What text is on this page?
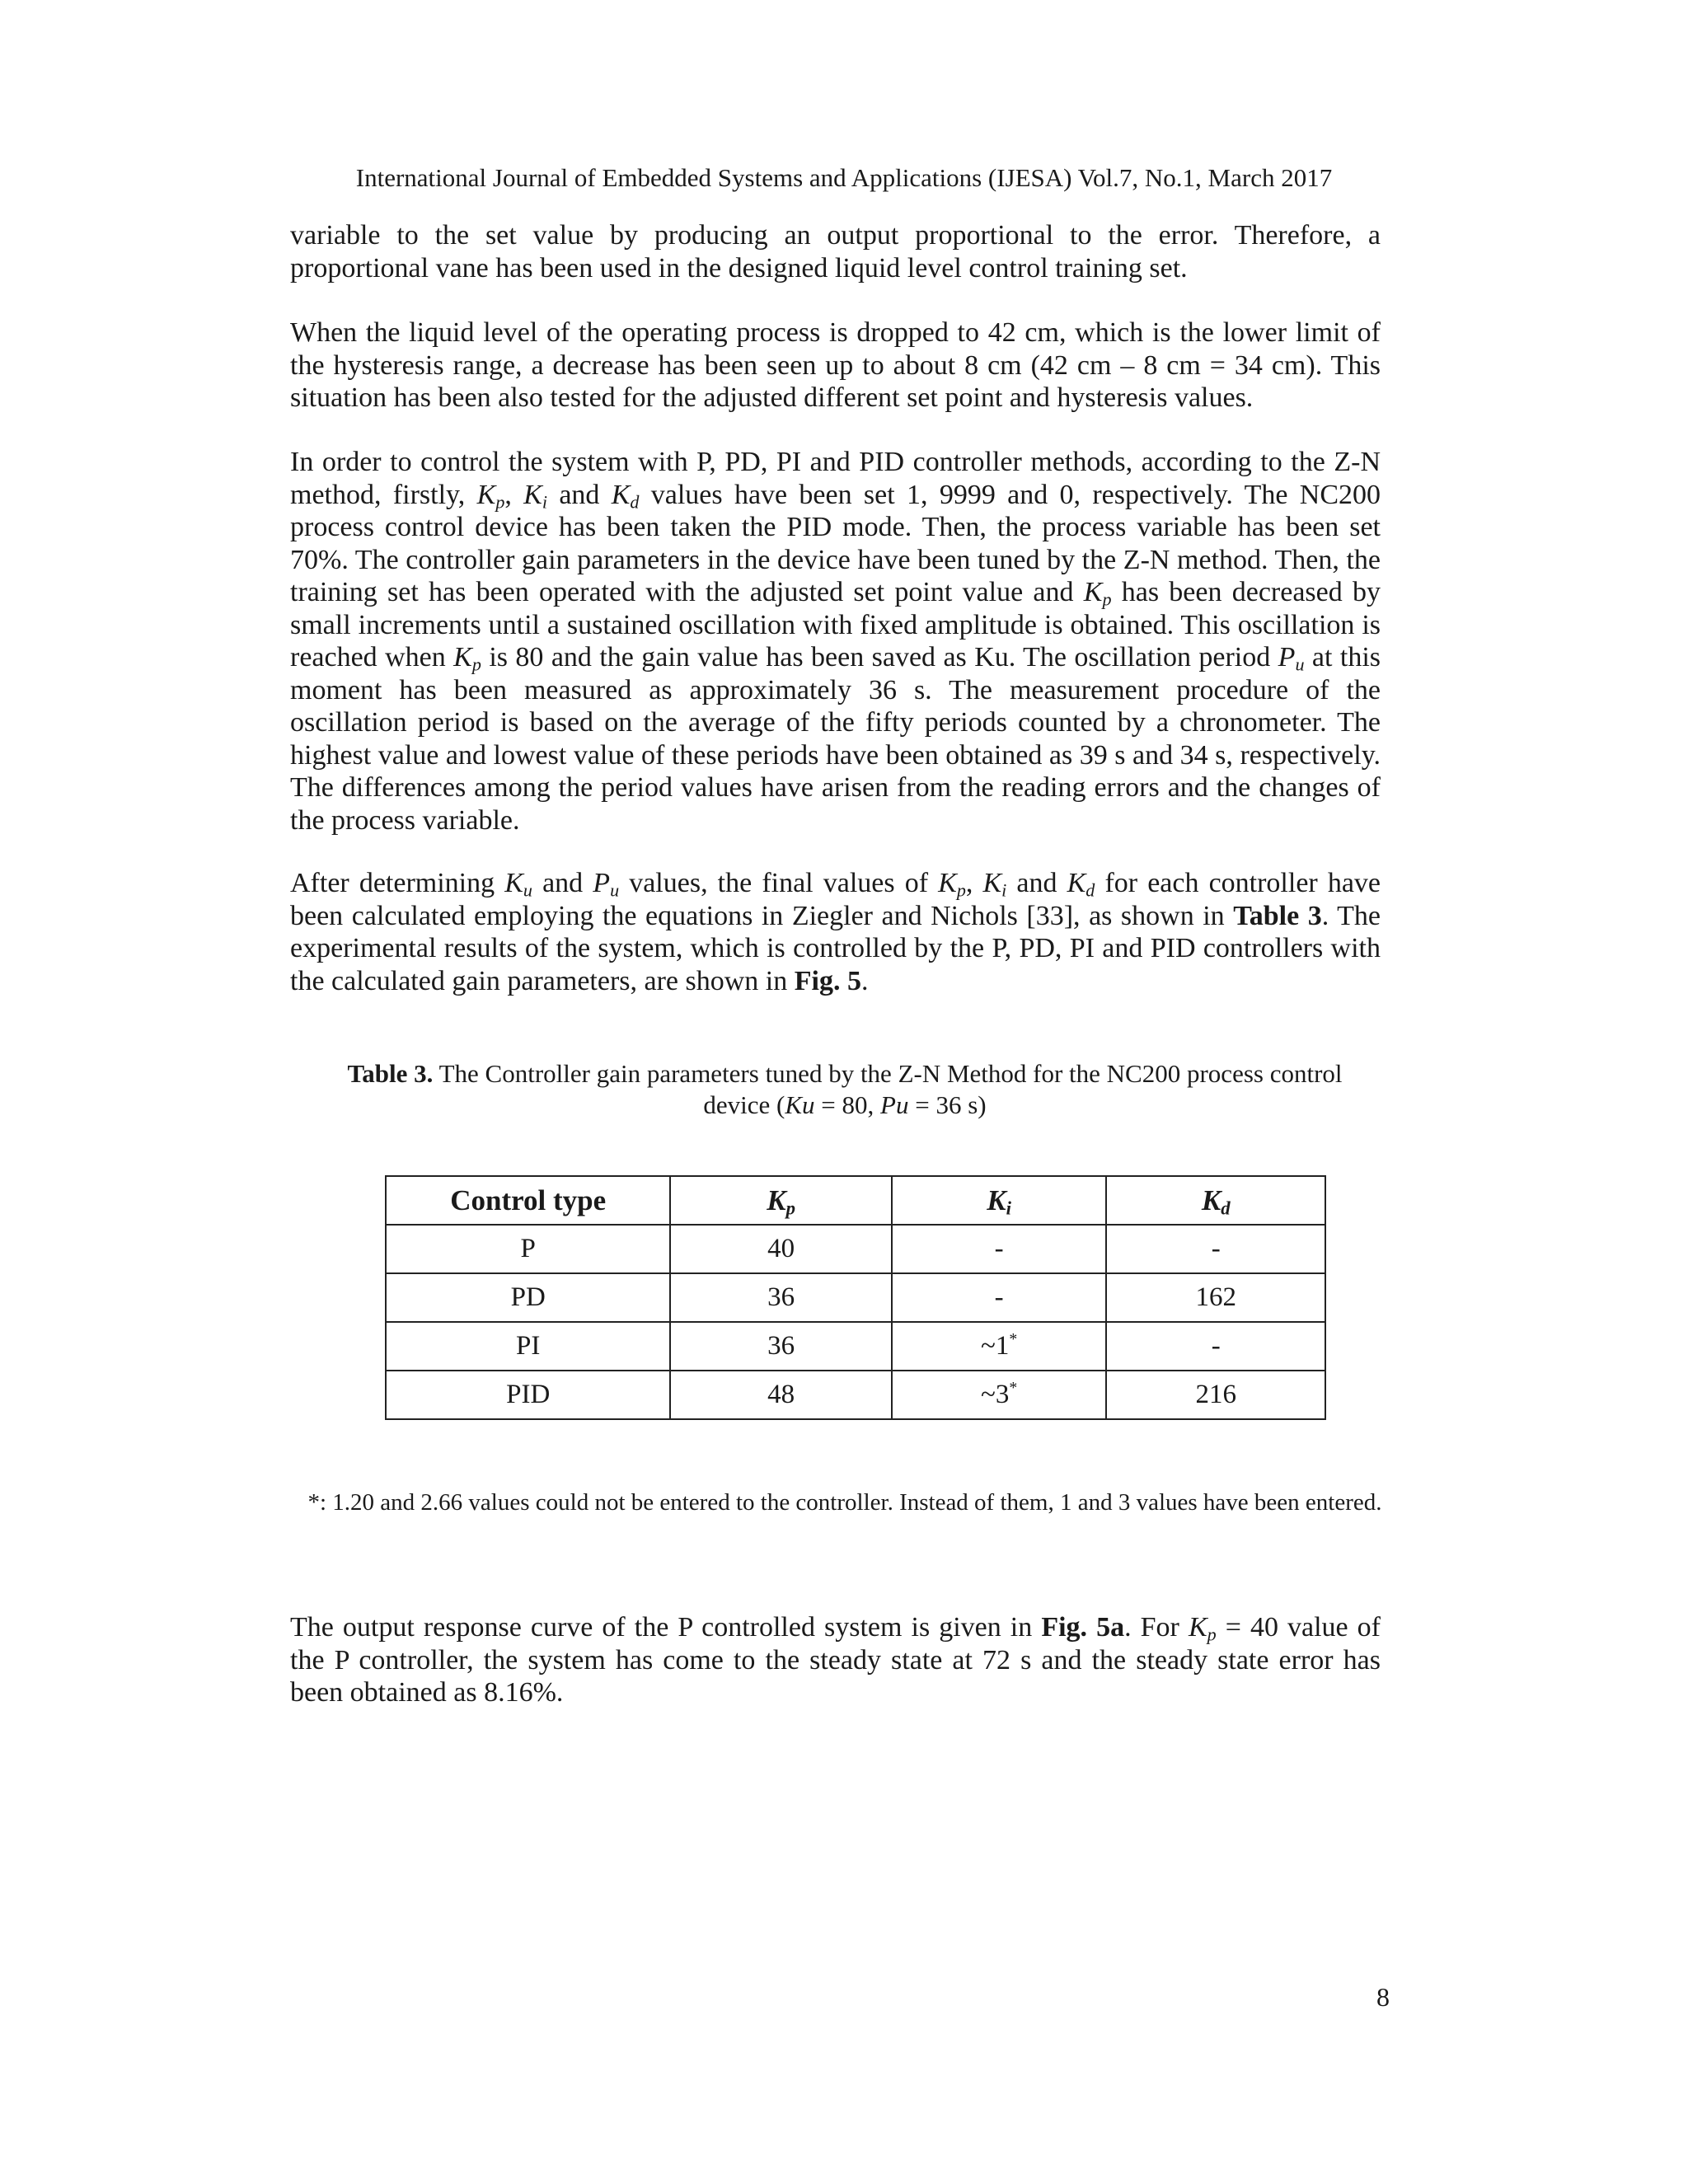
International Journal of Embedded Systems and Applications (IJESA) Vol.7, No.1, March 2017

variable to the set value by producing an output proportional to the error. Therefore, a proportional vane has been used in the designed liquid level control training set.

When the liquid level of the operating process is dropped to 42 cm, which is the lower limit of the hysteresis range, a decrease has been seen up to about 8 cm (42 cm – 8 cm = 34 cm). This situation has been also tested for the adjusted different set point and hysteresis values.

In order to control the system with P, PD, PI and PID controller methods, according to the Z-N method, firstly, $K_p$, $K_i$ and $K_d$ values have been set 1, 9999 and 0, respectively. The NC200 process control device has been taken the PID mode. Then, the process variable has been set 70%. The controller gain parameters in the device have been tuned by the Z-N method. Then, the training set has been operated with the adjusted set point value and $K_p$ has been decreased by small increments until a sustained oscillation with fixed amplitude is obtained. This oscillation is reached when $K_p$ is 80 and the gain value has been saved as Ku. The oscillation period $P_u$ at this moment has been measured as approximately 36 s. The measurement procedure of the oscillation period is based on the average of the fifty periods counted by a chronometer. The highest value and lowest value of these periods have been obtained as 39 s and 34 s, respectively. The differences among the period values have arisen from the reading errors and the changes of the process variable.

After determining $K_u$ and $P_u$ values, the final values of $K_p$, $K_i$ and $K_d$ for each controller have been calculated employing the equations in Ziegler and Nichols [33], as shown in Table 3. The experimental results of the system, which is controlled by the P, PD, PI and PID controllers with the calculated gain parameters, are shown in Fig. 5.

Table 3. The Controller gain parameters tuned by the Z-N Method for the NC200 process control device (Ku = 80, Pu = 36 s)
Control type	$K_p$	$K_i$	$K_d$
P	40	-	-
PD	36	-	162
PI	36	~1*	-
PID	48	~3*	216
*: 1.20 and 2.66 values could not be entered to the controller. Instead of them, 1 and 3 values have been entered.

The output response curve of the P controlled system is given in Fig. 5a. For $K_p = 40$ value of the P controller, the system has come to the steady state at 72 s and the steady state error has been obtained as 8.16%.

8
